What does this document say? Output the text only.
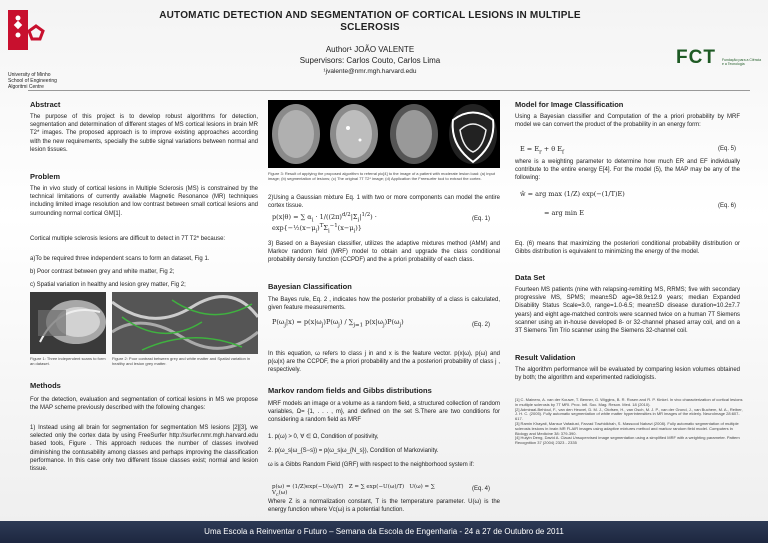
University of Minho
School of Engineering
Algoritmi Centre
AUTOMATIC DETECTION AND SEGMENTATION OF CORTICAL LESIONS IN MULTIPLE SCLEROSIS
Author¹ JOÃO VALENTE
Supervisors: Carlos Couto, Carlos Lima
¹jvalente@nmr.mgh.harvard.edu
FCT	Fundação para a Ciência e a Tecnologia
Abstract
The purpose of this project is to develop robust algorithms for detection, segmentation and determination of different stages of MS cortical lesions in brain MR T2* images. The proposed approach is to improve existing approaches according with the new requirements, specially the subtle signal variations between normal and lesion tissues.
Problem
The in vivo study of cortical lesions in Multiple Sclerosis (MS) is constrained by the technical limitations of currently available Magnetic Resonance (MR) techniques including limited image resolution and low contrast between small cortical lesions and surrounding normal cortical GM[1].
Cortical multiple sclerosis lesions are difficult to detect in 7T T2* because:
a)To be required three independent scans to form an dataset, Fig 1.
b) Poor contrast between grey and white matter, Fig 2;
c) Spatial variation in healthy and lesion grey matter, Fig 2;
Figure 1: Three independent scans to form an dataset.
Figure 2: Poor contrast between grey and white matter and Spatial variation in healthy and lesion grey matter.
Methods
For the detection, evaluation and segmentation of cortical lesions in MS we propose the MAP scheme previously described with the following changes:
1) Instead using all brain for segmentation for segmentation MS lesions [2][3], we selected only the cortex data by using FreeSurfer http://surfer.nmr.mgh.harvard.edu based tools, Figure . This approach reduces the number of classes involved diminishing the contusability among classes and perhaps improving the classification performance. In this case only two different tissue classes exist; normal and lesion tissue.
Figure 3: Result of applying the proposed algorithm to referral pic[4] to the image of a patient with moderate lesion load: (a) input image; (b) segmentation of lesions; (c) The original 7T T2* image; (d) Application the Freesurfer tool to extract the cortex.
2)Using a Gaussian mixture Eq. 1 with two or more components can model the entire cortex tissue.
p(x|θ) = ∑ $\alpha_i \cdot 1/((2\pi)^{d/2}|\Sigma_i|^{1/2})$ · $\exp\{-\frac{1}{2}(x-\mu_i)^T\Sigma_i^{-1}(x-\mu_i)\}$
(Eq. 1)
3) Based on a Bayesian classifier, utilizes the adaptive mixtures method (AMM) and Markov random field (MRF) model to obtain and upgrade the class conditional probability density function (CCPDF) and the a priori probability of each class.
Bayesian Classification
The Bayes rule, Eq. 2 , indicates how the posterior probability of a class is calculated, given feature measurements.
$P(\omega_j|x) = p(x|\omega_j)P(\omega_j) / \sum_{j=1}$ $p(x|\omega_j)P(\omega_j)$	(Eq. 2)
In this equation, ω refers to class j in and x is the feature vector. p(x|ω), p(ω) and p(ω|x) are the CCPDF, the a priori probability and the a posteriori probability of class j , respectively.
Markov random fields and Gibbs distributions
MRF models an image or a volume as a random field, a structured collection of random variables, Ω= {1, . . . , m}, and defined on the set S.There are two conditions for considering a random field as MRF
1. p(ω) > 0, ∀ ∈ Ω, Condition of positivity,
2. p(ω_s|ω_{S−s}) = p(ω_s|ω_{N_s}), Condition of Markovianity.
ω is a Gibbs Random Field (GRF) with respect to the neighborhood system if:
p(ω) = (1/Z)exp(−U(ω)/T)   Z = ∑ exp(−U(ω)/T)   U(ω) = ∑ $V_c(\omega)$
(Eq. 4)
Where Z is a normalization constant, T is the temperature parameter. U(ω) is the energy function where Vc(ω) is a potential function.
Model for Image Classification
Using a Bayesian classifier and Computation of the a priori probability by MRF model we can convert the product of the probability in an energy form:
$E = E_r + \theta$ $E_f$
(Eq. 5)
where is a weighting parameter to determine how much ER and EF individually contribute to the entire energy E[4]. For the model (5), the MAP may be any of the following:
ŵ = arg max (1/Z) exp(−(1/T)E)
= arg min E
(Eq. 6)
Eq. (6) means that maximizing the posteriori conditional probability distribution or Gibbs distribution is equivalent to minimizing the energy of the model.
Data Set
Fourteen MS patients (nine with relapsing-remitting MS, RRMS; five with secondary progressive MS, SPMS; mean±SD age=38.9±12.9 years; median Expanded Disability Status Scale=3.0, range=1.0-6.5; mean±SD disease duration=10.2±7.7 years) and eight age-matched controls were scanned twice on a human 7T Siemens scanner using an in-house developed 8- or 32-channel phased array coil, and on a 3T Siemens Tim Trio scanner using the Siemens 32-channel coil.
Result Validation
The algorithm performance will be evaluated by comparing lesion volumes obtained by both; the algorithm and experimented radiologists.
[1] C. Mainero, A. van der Kouwe, T. Benner, G. Wiggins, B. R. Rosen and R. P. Kinkel. In vivo characterization of cortical lesions in multiple sclerosis by 7T MRI. Proc. Intl. Soc. Mag. Reson. Med. 18 (2010).
[2] Admiraal-Behloul, F., van den Heuvel, D. M. J., Olofsen, H., van Osch, M. J. P., van der Grond, J., van Buchem, M. A., Reiber, J. H. C. (2005). Fully automatic segmentation of white matter hyperintensities in MR images of the elderly. NeuroImage 28:607-617.
[3] Ramin Khayati, Mansur Vafadust, Farzad Towhidkhah, S. Massood Nabavi (2008). Fully automatic segmentation of multiple sclerosis lesions in brain MR FLAIR images using adaptive mixtures method and markov random field model. Computers in Biology and Medicine 38: 379-390.
[4] Huiyin Deng, David A. Clausi Unsupervised image segmentation using a simplified MRF with a weighting parameter. Pattern Recognition 37 (2004) 2323 - 2335
Uma Escola a Reinventar o Futuro – Semana da Escola de Engenharia - 24 a 27 de Outubro de 2011
